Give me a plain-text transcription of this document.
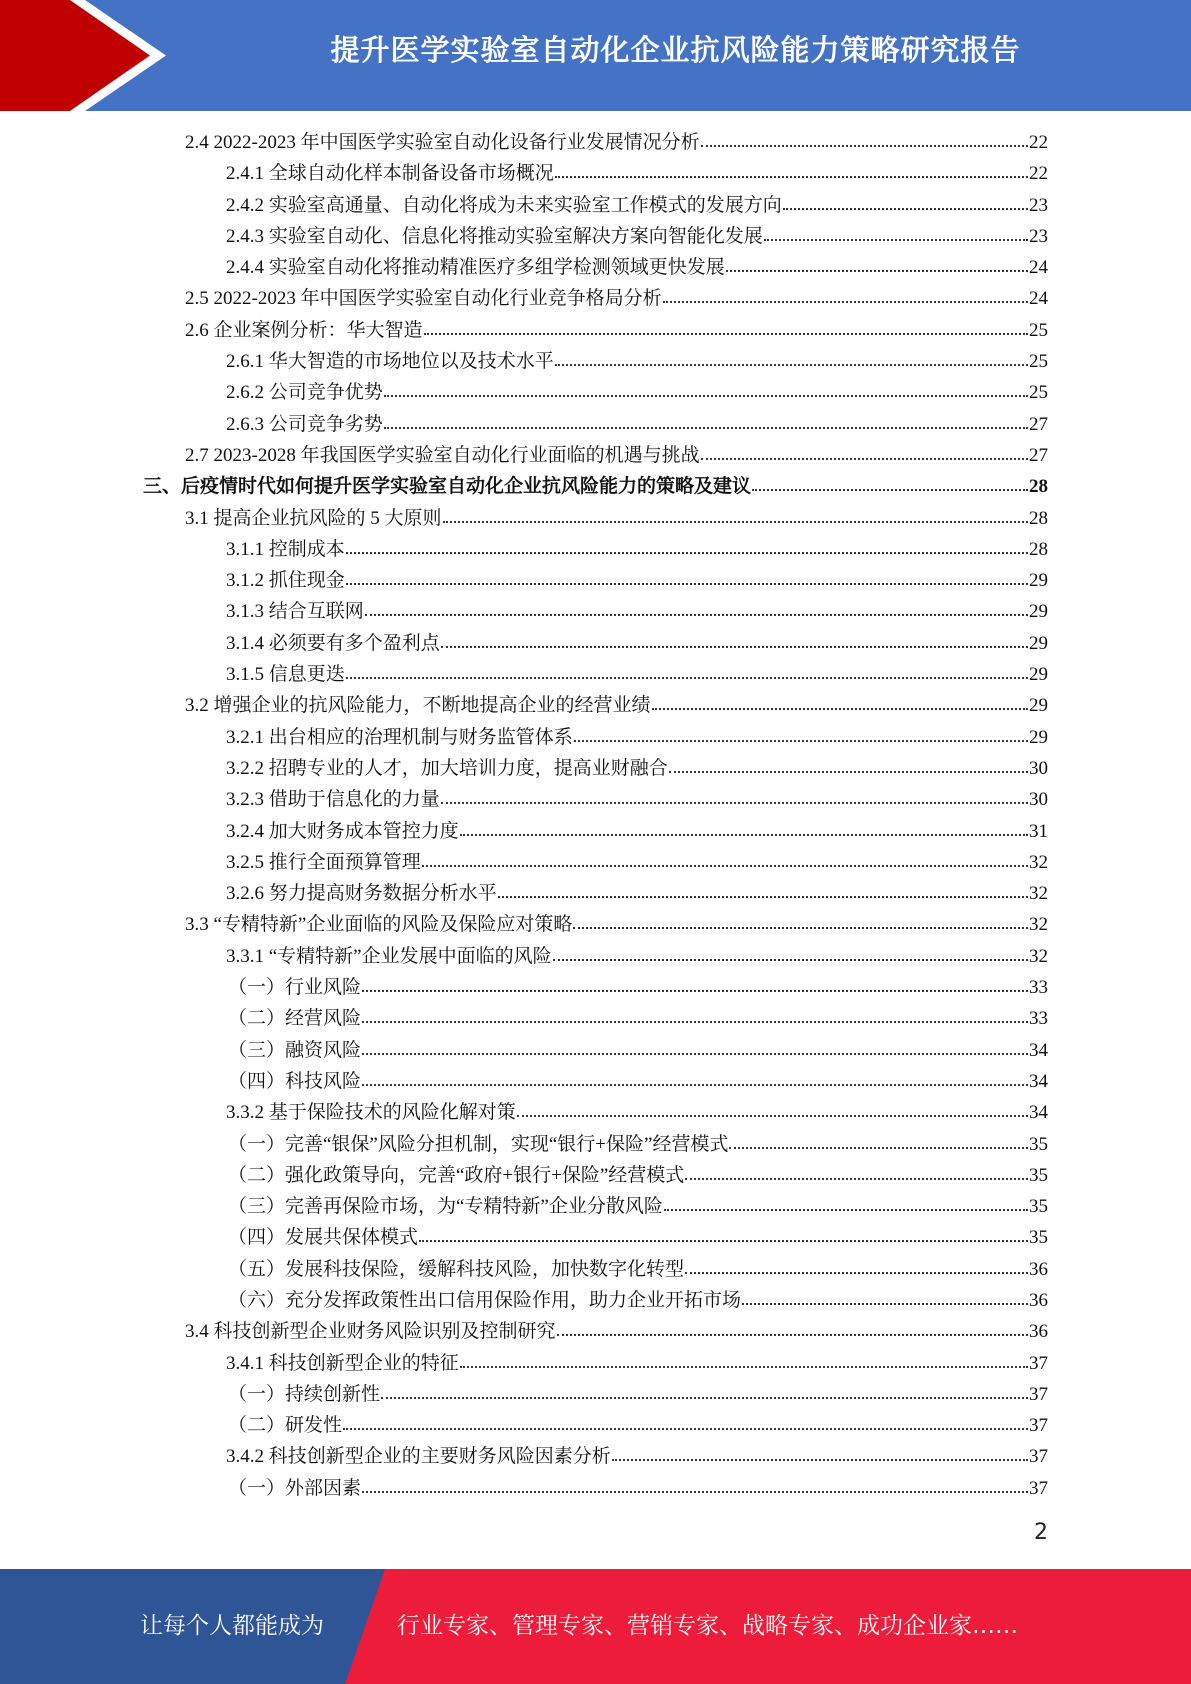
提升医学实验室自动化企业抗风险能力策略研究报告
2.4 2022-2023 年中国医学实验室自动化设备行业发展情况分析	22
2.4.1 全球自动化样本制备设备市场概况	22
2.4.2 实验室高通量、自动化将成为未来实验室工作模式的发展方向	23
2.4.3 实验室自动化、信息化将推动实验室解决方案向智能化发展	23
2.4.4 实验室自动化将推动精准医疗多组学检测领域更快发展	24
2.5 2022-2023 年中国医学实验室自动化行业竞争格局分析	24
2.6 企业案例分析：华大智造	25
2.6.1 华大智造的市场地位以及技术水平	25
2.6.2 公司竞争优势	25
2.6.3 公司竞争劣势	27
2.7 2023-2028 年我国医学实验室自动化行业面临的机遇与挑战	27
三、后疫情时代如何提升医学实验室自动化企业抗风险能力的策略及建议	28
3.1 提高企业抗风险的 5 大原则	28
3.1.1 控制成本	28
3.1.2 抓住现金	29
3.1.3 结合互联网	29
3.1.4 必须要有多个盈利点	29
3.1.5 信息更迭	29
3.2 增强企业的抗风险能力，不断地提高企业的经营业绩	29
3.2.1 出台相应的治理机制与财务监管体系	29
3.2.2 招聘专业的人才，加大培训力度，提高业财融合	30
3.2.3 借助于信息化的力量	30
3.2.4 加大财务成本管控力度	31
3.2.5 推行全面预算管理	32
3.2.6 努力提高财务数据分析水平	32
3.3 “专精特新”企业面临的风险及保险应对策略	32
3.3.1 “专精特新”企业发展中面临的风险	32
（一）行业风险	33
（二）经营风险	33
（三）融资风险	34
（四）科技风险	34
3.3.2 基于保险技术的风险化解对策	34
（一）完善“银保”风险分担机制，实现“银行+保险”经营模式	35
（二）强化政策导向，完善“政府+银行+保险”经营模式	35
（三）完善再保险市场，为“专精特新”企业分散风险	35
（四）发展共保体模式	35
（五）发展科技保险，缓解科技风险，加快数字化转型	36
（六）充分发挥政策性出口信用保险作用，助力企业开拓市场	36
3.4 科技创新型企业财务风险识别及控制研究	36
3.4.1 科技创新型企业的特征	37
（一）持续创新性	37
（二）研发性	37
3.4.2 科技创新型企业的主要财务风险因素分析	37
（一）外部因素	37
2
让每个人都能成为	行业专家、管理专家、营销专家、战略专家、成功企业家……
